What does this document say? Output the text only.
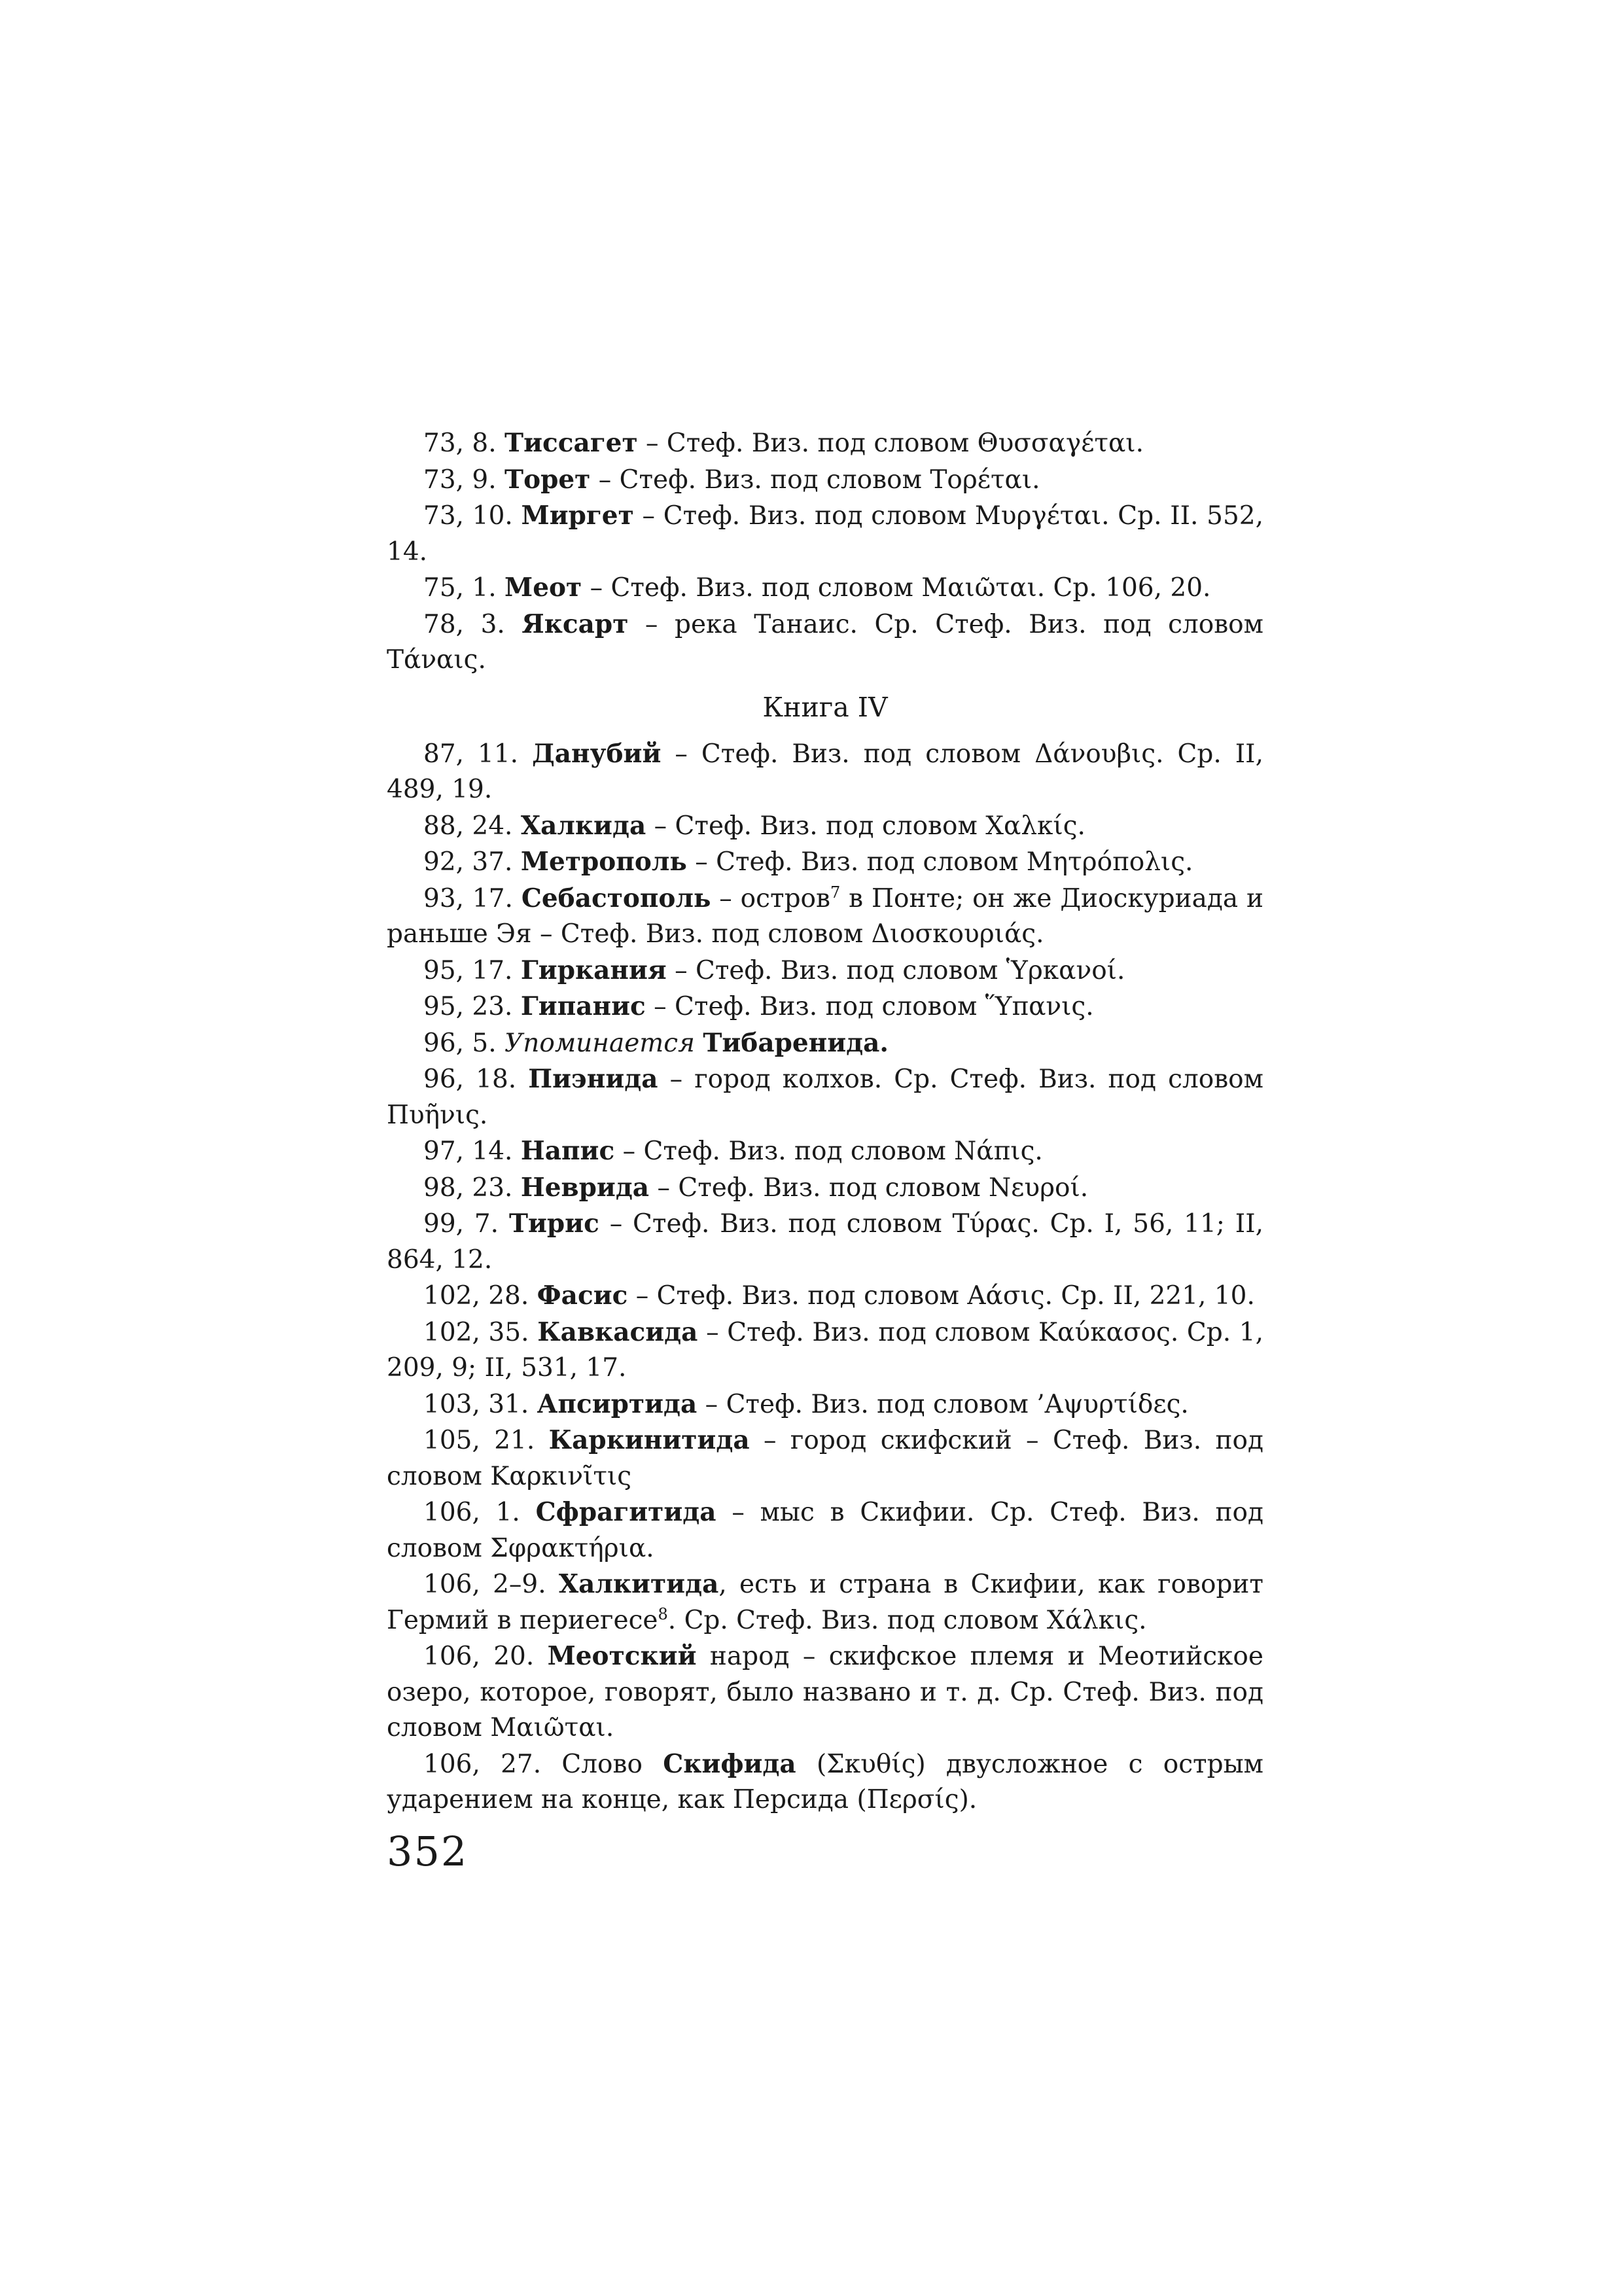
73, 8. Тиссагет – Стеф. Виз. под словом Θυσσαγέται.

73, 9. Торет – Стеф. Виз. под словом Τορέται.

73, 10. Миргет – Стеф. Виз. под словом Μυργέται. Ср. II. 552, 14.

75, 1. Меот – Стеф. Виз. под словом Μαιῶται. Ср. 106, 20.

78, 3. Яксарт – река Танаис. Ср. Стеф. Виз. под словом Τάναις.

Книга IV

87, 11. Данубий – Стеф. Виз. под словом Δάνουβις. Ср. II, 489, 19.

88, 24. Халкида – Стеф. Виз. под словом Χαλκίς.

92, 37. Метрополь – Стеф. Виз. под словом Μητρόπολις.

93, 17. Себастополь – остров$^7$ в Понте; он же Диоскуриада и раньше Эя – Стеф. Виз. под словом Διοσκουριάς.

95, 17. Гиркания – Стеф. Виз. под словом Ὑρκανοί.

95, 23. Гипанис – Стеф. Виз. под словом Ὕπανις.

96, 5. Упоминается Тибаренида.

96, 18. Пиэнида – город колхов. Ср. Стеф. Виз. под словом Πυῆνις.

97, 14. Напис – Стеф. Виз. под словом Νάπις.

98, 23. Неврида – Стеф. Виз. под словом Νευροί.

99, 7. Тирис – Стеф. Виз. под словом Τύρας. Ср. I, 56, 11; II, 864, 12.

102, 28. Фасис – Стеф. Виз. под словом Αάσις. Ср. II, 221, 10.

102, 35. Кавкасида – Стеф. Виз. под словом Καύκασος. Ср. 1, 209, 9; II, 531, 17.

103, 31. Апсиртида – Стеф. Виз. под словом ’Αψυρτίδες.

105, 21. Каркинитида – город скифский – Стеф. Виз. под словом Καρκινῖτις

106, 1. Сфрагитида – мыс в Скифии. Ср. Стеф. Виз. под словом Σφρακτήρια.

106, 2–9. Халкитида, есть и страна в Скифии, как говорит Гермий в периегесе$^8$. Ср. Стеф. Виз. под словом Χάλκις.

106, 20. Меотский народ – скифское племя и Меотийское озеро, которое, говорят, было названо и т. д. Ср. Стеф. Виз. под словом Μαιῶται.

106, 27. Слово Скифида (Σκυθίς) двусложное с острым ударением на конце, как Персида (Περσίς).

352
